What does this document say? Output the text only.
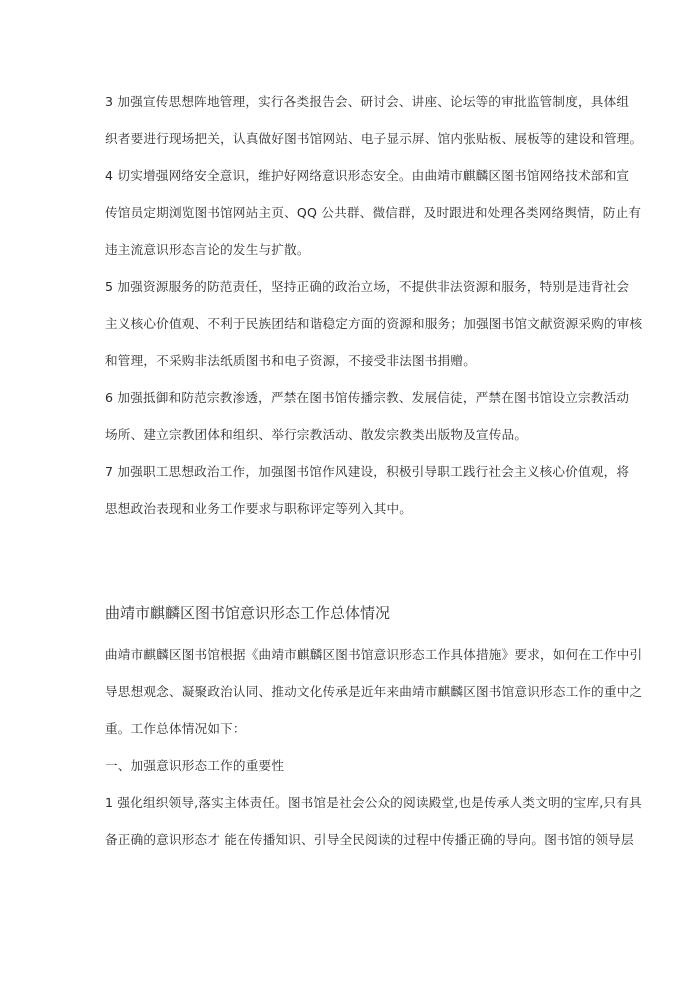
3 加强宣传思想阵地管理，实行各类报告会、研讨会、讲座、论坛等的审批监管制度，具体组
织者要进行现场把关，认真做好图书馆网站、电子显示屏、馆内张贴板、展板等的建设和管理。
4 切实增强网络安全意识，维护好网络意识形态安全。由曲靖市麒麟区图书馆网络技术部和宣
传馆员定期浏览图书馆网站主页、QQ 公共群、微信群，及时跟进和处理各类网络舆情，防止有
违主流意识形态言论的发生与扩散。
5 加强资源服务的防范责任，坚持正确的政治立场，不提供非法资源和服务，特别是违背社会
主义核心价值观、不利于民族团结和谐稳定方面的资源和服务；加强图书馆文献资源采购的审核
和管理，不采购非法纸质图书和电子资源，不接受非法图书捐赠。
6 加强抵御和防范宗教渗透，严禁在图书馆传播宗教、发展信徒，严禁在图书馆设立宗教活动
场所、建立宗教团体和组织、举行宗教活动、散发宗教类出版物及宣传品。
7 加强职工思想政治工作，加强图书馆作风建设，积极引导职工践行社会主义核心价值观，将
思想政治表现和业务工作要求与职称评定等列入其中。
曲靖市麒麟区图书馆意识形态工作总体情况
曲靖市麒麟区图书馆根据《曲靖市麒麟区图书馆意识形态工作具体措施》要求，如何在工作中引
导思想观念、凝聚政治认同、推动文化传承是近年来曲靖市麒麟区图书馆意识形态工作的重中之
重。工作总体情况如下：
一、加强意识形态工作的重要性
1 强化组织领导,落实主体责任。图书馆是社会公众的阅读殿堂,也是传承人类文明的宝库,只有具
备正确的意识形态才 能在传播知识、引导全民阅读的过程中传播正确的导向。图书馆的领导层
